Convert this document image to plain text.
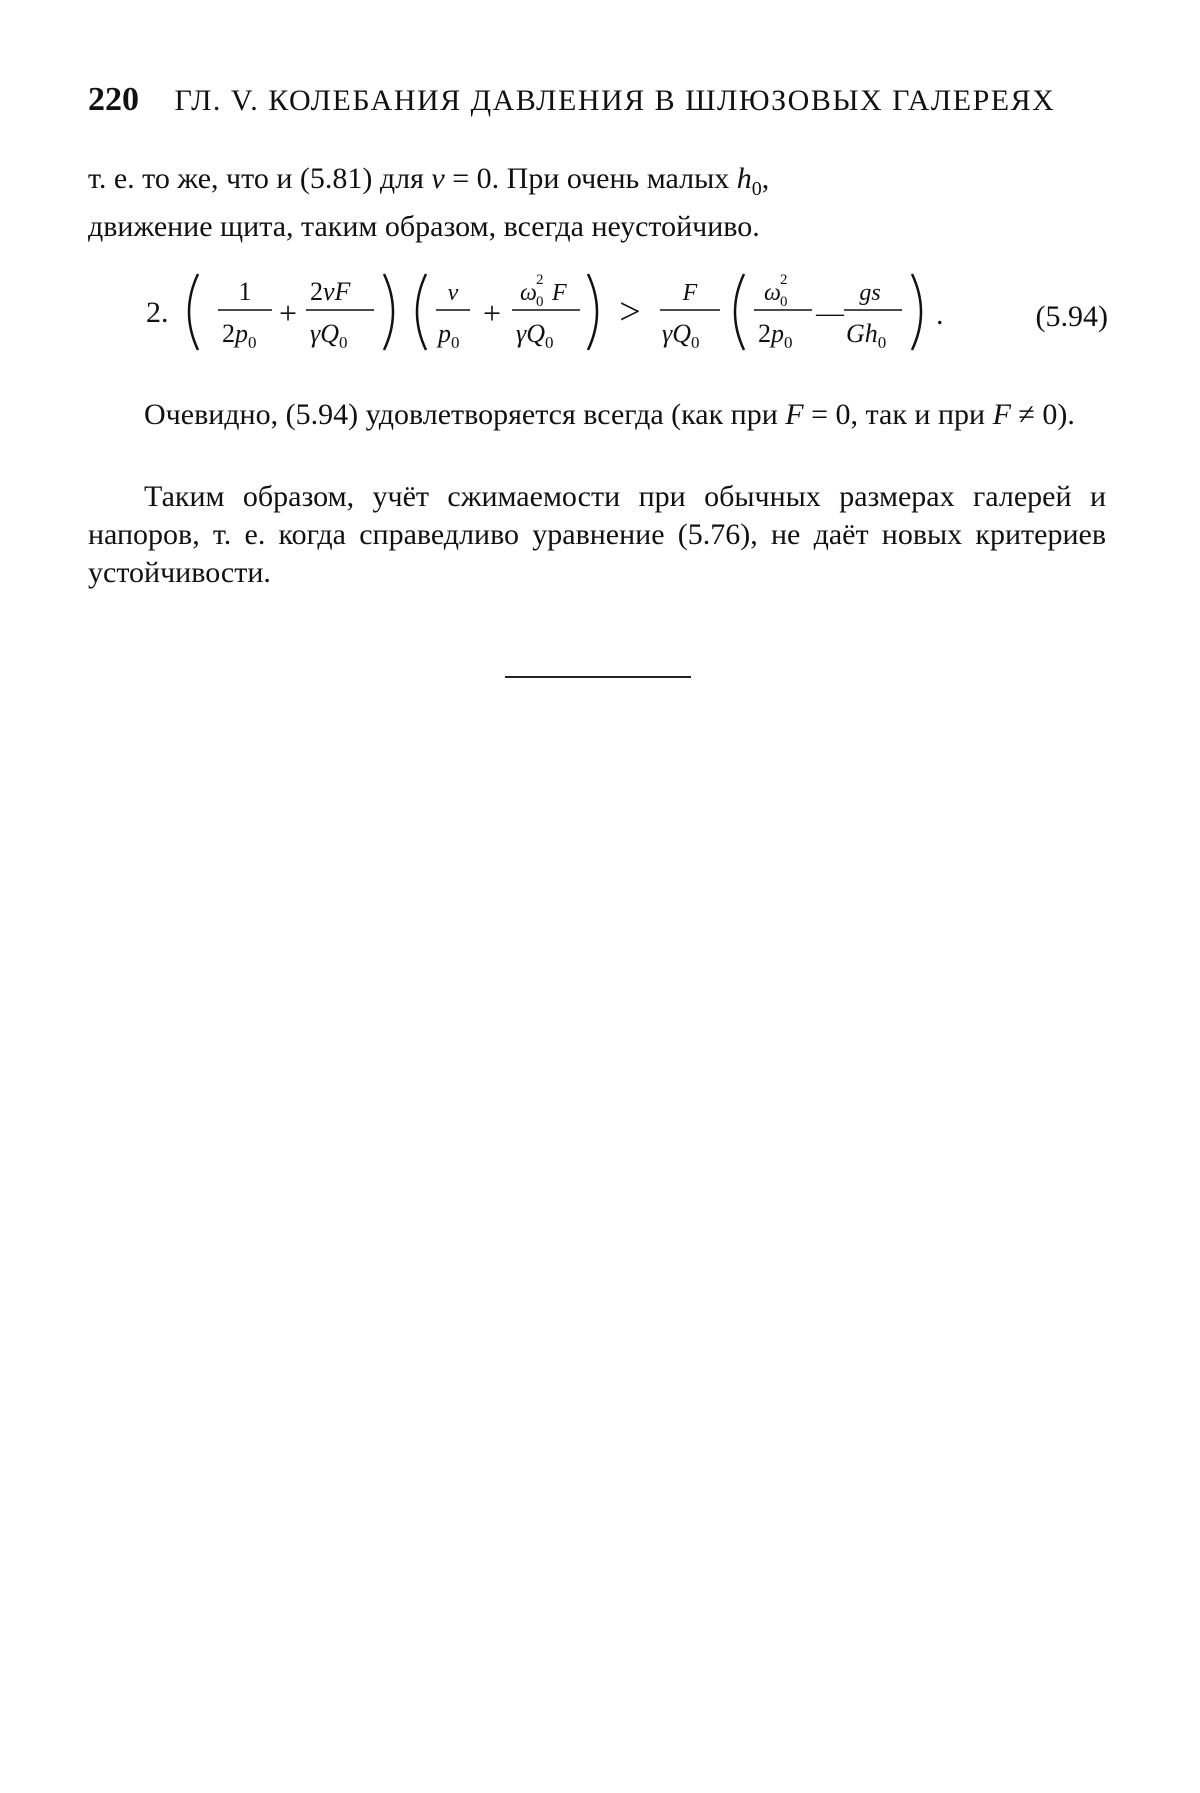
220 ГЛ. V. КОЛЕБАНИЯ ДАВЛЕНИЯ В ШЛЮЗОВЫХ ГАЛЕРЕЯХ
т. е. то же, что и (5.81) для ν = 0. При очень малых $h_0$,
движение щита, таким образом, всегда неустойчиво.
2.
1
$2p_0$
+
2νF
$\gamma Q_0$
ν
$p_0$
+
ω 2
0 F
$\gamma Q_0$
> F
$\gamma Q_0$
ω 2
0
$2p_0$
—
gs
$Gh_0$
.	(5.94)
Очевидно, (5.94) удовлетворяется всегда (как при F = 0, так и при F ≠ 0).
Таким образом, учёт сжимаемости при обычных размерах галерей и напоров, т. е. когда справедливо уравнение (5.76), не даёт новых критериев устойчивости.
